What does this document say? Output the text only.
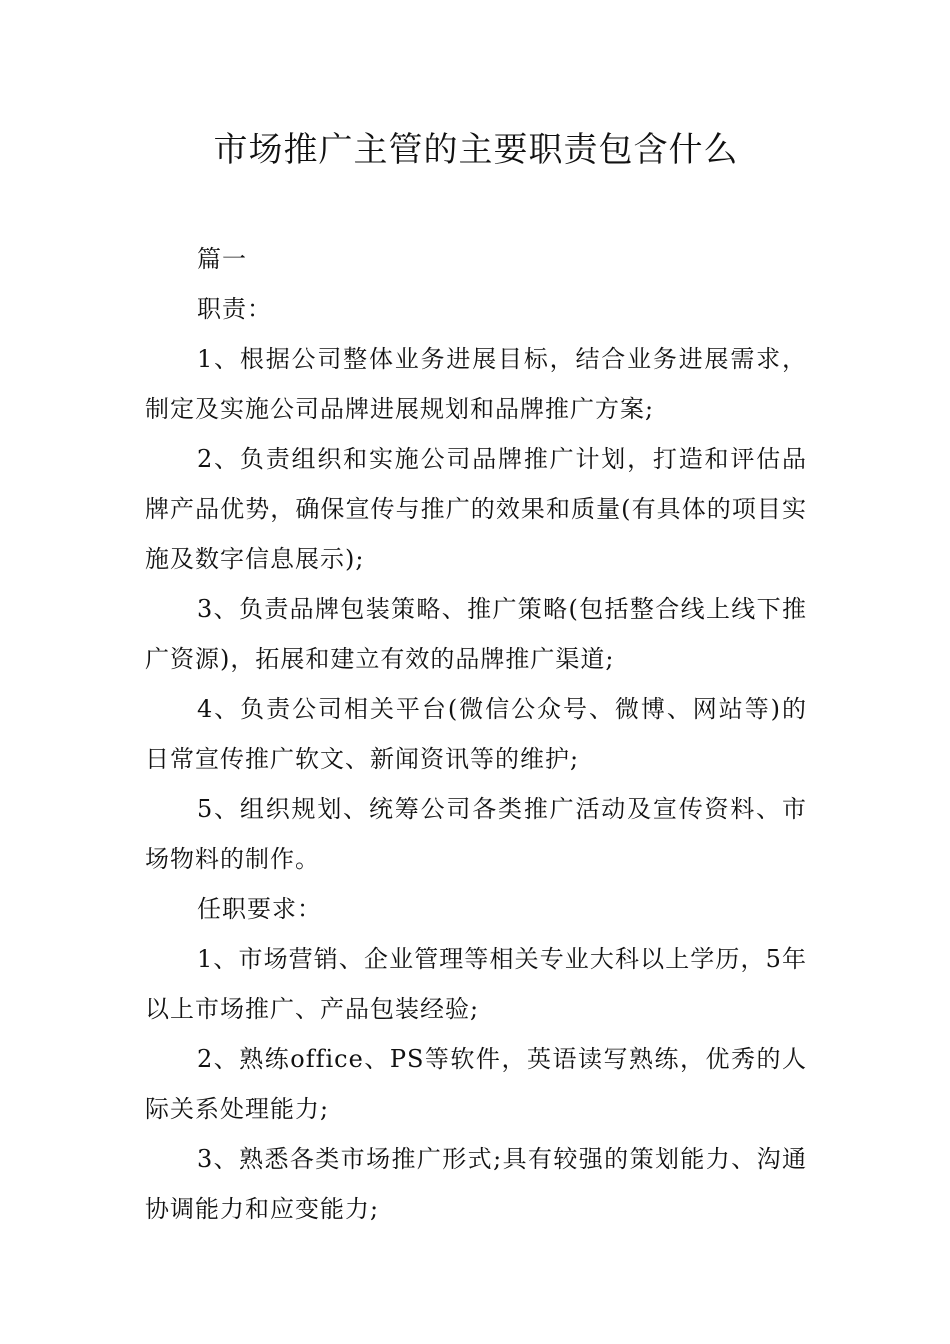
市场推广主管的主要职责包含什么

篇一

职责：

1、根据公司整体业务进展目标，结合业务进展需求，制定及实施公司品牌进展规划和品牌推广方案;

2、负责组织和实施公司品牌推广计划，打造和评估品牌产品优势，确保宣传与推广的效果和质量(有具体的项目实施及数字信息展示);

3、负责品牌包装策略、推广策略(包括整合线上线下推广资源)，拓展和建立有效的品牌推广渠道;

4、负责公司相关平台(微信公众号、微博、网站等)的日常宣传推广软文、新闻资讯等的维护;

5、组织规划、统筹公司各类推广活动及宣传资料、市场物料的制作。

任职要求：

1、市场营销、企业管理等相关专业大科以上学历，5年以上市场推广、产品包装经验;

2、熟练office、PS等软件，英语读写熟练，优秀的人际关系处理能力;

3、熟悉各类市场推广形式;具有较强的策划能力、沟通协调能力和应变能力;
